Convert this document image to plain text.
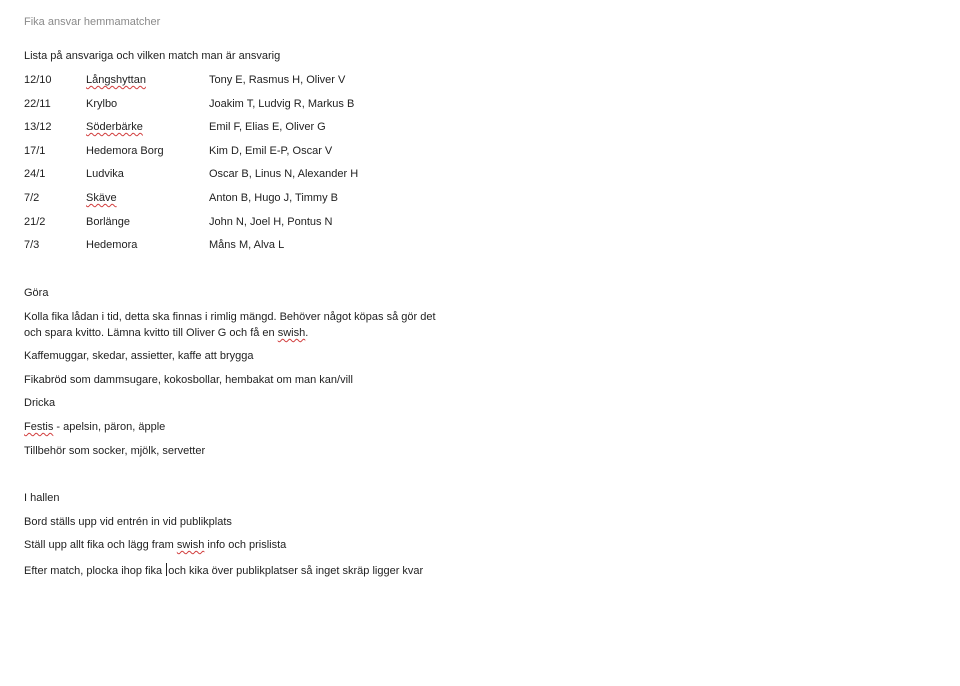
Fika ansvar hemmamatcher
Lista på ansvariga och vilken match man är ansvarig
12/10	Långshyttan	Tony E, Rasmus H, Oliver V
22/11	Krylbo	Joakim T, Ludvig R, Markus B
13/12	Söderbärke	Emil F, Elias E, Oliver G
17/1	Hedemora Borg	Kim D, Emil E-P, Oscar V
24/1	Ludvika	Oscar B, Linus N, Alexander H
7/2	Skäve	Anton B, Hugo J, Timmy B
21/2	Borlänge	John N, Joel H, Pontus N
7/3	Hedemora	Måns M, Alva L
Göra
Kolla fika lådan i tid, detta ska finnas i rimlig mängd. Behöver något köpas så gör det och spara kvitto. Lämna kvitto till Oliver G och få en swish.
Kaffemuggar, skedar, assietter, kaffe att brygga
Fikabröd som dammsugare, kokosbollar, hembakat om man kan/vill
Dricka
Festis - apelsin, päron, äpple
Tillbehör som socker, mjölk, servetter
I hallen
Bord ställs upp vid entrén in vid publikplats
Ställ upp allt fika och lägg fram swish info och prislista
Efter match, plocka ihop fika och kika över publikplatser så inget skräp ligger kvar
